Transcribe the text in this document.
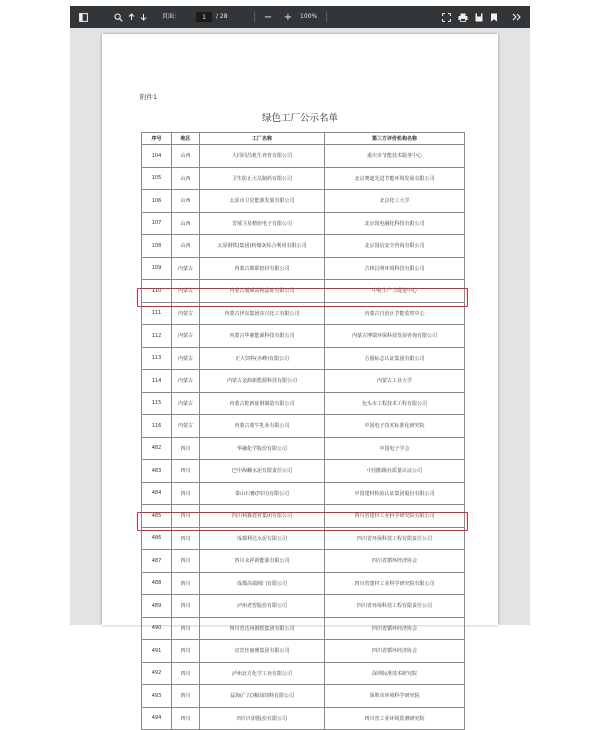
页面:
1	/ 28	− +	100%
附件1
绿色工厂公示名单
序号	地区	工厂名称	第三方评价机构名称
104	山西	大同同昌机生养育有限公司	重庆市节能技术服务中心
105	山西	卫生防止大员制药有限公司	北京赛迪先进节能环境发展有限公司
106	山西	太原市卫星能源发展有限公司	北京化工大学
107	山西	晋城卫星精密电子有限公司	北京国电融化科技有限公司
108	山西	太原钢铁(集团)粉煤灰综合利用有限公司	北京国信安全咨询有限公司
109	内蒙古	内蒙古锦联铝材有限公司	吉林昌明环境科技有限公司
110	内蒙古	内蒙古通威高纯晶硅有限公司	中机生产力促进中心
111	内蒙古	内蒙古伊东集团东兴化工有限公司	内蒙古自治区节能监察中心
112	内蒙古	内蒙古华鼎能源科技有限公司	内蒙古博瑞环保科技发展咨询有限公司
113	内蒙古	正大饲料(赤峰)有限公司	方圆标志认证集团有限公司
114	内蒙古	内蒙古金源新能源科技有限公司	内蒙古工业大学
115	内蒙古	内蒙古乾新硅钢制造有限公司	包头市工程技术工程有限公司
116	内蒙古	内蒙古蒙牛乳业有限公司	中国电子技术标准化研究院
482	四川	华融化学股份有限公司	中国电子学会
483	四川	巴中海螺水泥有限责任公司	中国船级社质量认证公司
484	四川	泰山石膏(四川)有限公司	中国建材检验认证集团股份有限公司
485	四川	四川利森建材集团有限公司	四川省建材工业科学研究院有限公司
486	四川	成都利达水泥有限公司	四川省环保科技工程有限责任公司
487	四川	四川永祥新能源有限公司	四川省循环经济协会
488	四川	成都高端阀门有限公司	四川省建材工业科学研究院有限公司
489	四川	泸州老窖股份有限公司	四川省环保科技工程有限责任公司
490	四川	四川省达州钢铁集团有限公司	四川省循环经济协会
491	四川	宜宾丝丽雅集团有限公司	四川省循环经济协会
492	四川	泸州北方化学工业有限公司	深圳标准技术研究院
493	四川	益海(广汉)粮油饲料有限公司	深圳市环境科学研究院
494	四川	四川川润股份有限公司	四川省工业环境监测研究院
